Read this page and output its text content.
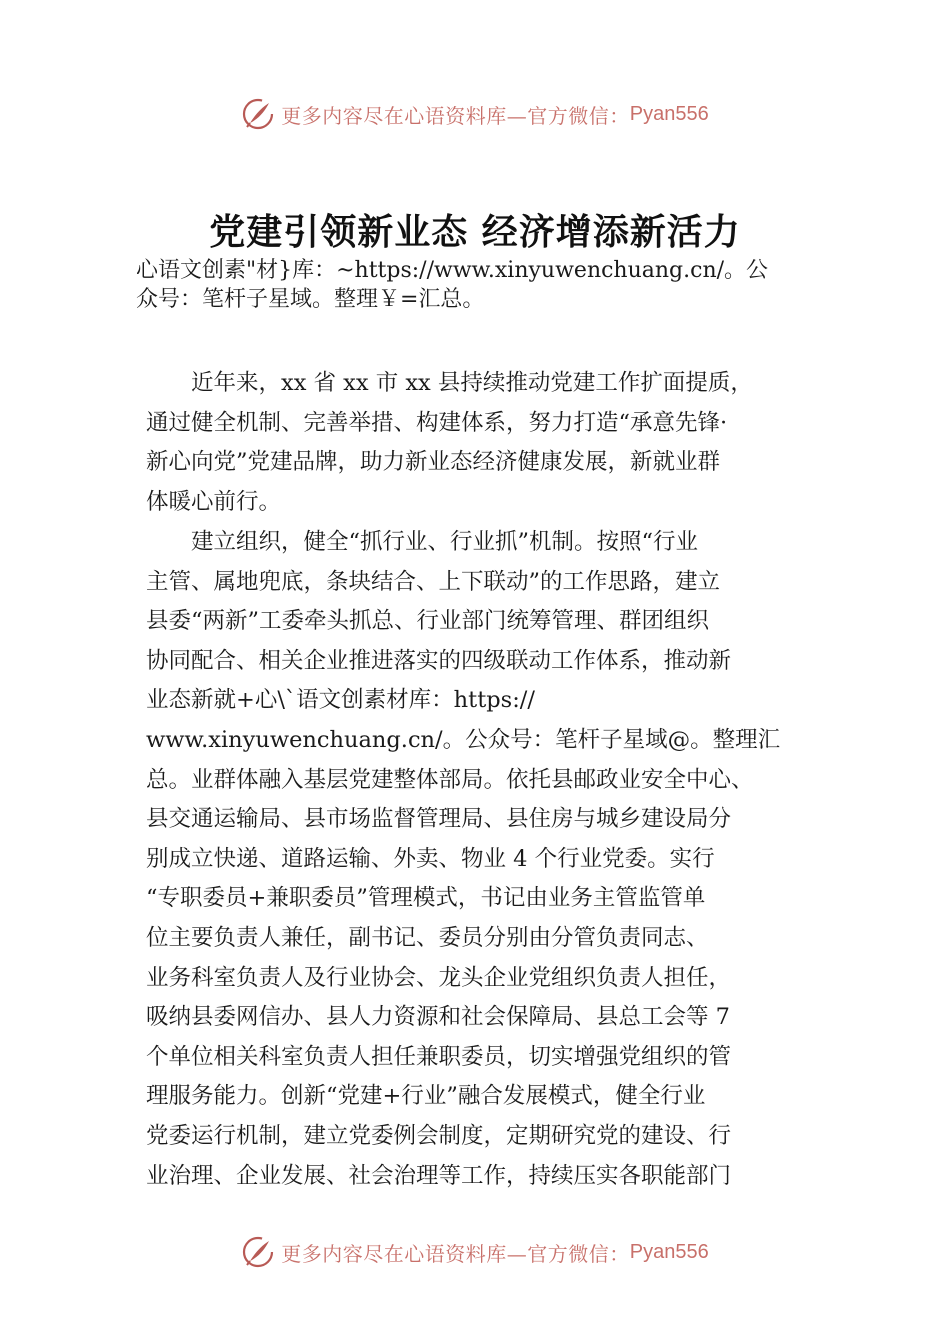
更多内容尽在心语资料库—官方微信： Pyan556
党建引领新业态 经济增添新活力
心语文创素"材}库：~https://www.xinyuwenchuang.cn/。公
众号：笔杆子星域。整理￥=汇总。
　　近年来，xx 省 xx 市 xx 县持续推动党建工作扩面提质，
通过健全机制、完善举措、构建体系，努力打造“承意先锋·
新心向党”党建品牌，助力新业态经济健康发展，新就业群
体暖心前行。
　　建立组织，健全“抓行业、行业抓”机制。按照“行业
主管、属地兜底，条块结合、上下联动”的工作思路，建立
县委“两新”工委牵头抓总、行业部门统筹管理、群团组织
协同配合、相关企业推进落实的四级联动工作体系，推动新
业态新就+心\`语文创素材库：https://
www.xinyuwenchuang.cn/。公众号：笔杆子星域@。整理汇
总。业群体融入基层党建整体部局。依托县邮政业安全中心、
县交通运输局、县市场监督管理局、县住房与城乡建设局分
别成立快递、道路运输、外卖、物业 4 个行业党委。实行
“专职委员+兼职委员”管理模式，书记由业务主管监管单
位主要负责人兼任，副书记、委员分别由分管负责同志、
业务科室负责人及行业协会、龙头企业党组织负责人担任，
吸纳县委网信办、县人力资源和社会保障局、县总工会等 7
个单位相关科室负责人担任兼职委员，切实增强党组织的管
理服务能力。创新“党建+行业”融合发展模式，健全行业
党委运行机制，建立党委例会制度，定期研究党的建设、行
业治理、企业发展、社会治理等工作，持续压实各职能部门
更多内容尽在心语资料库—官方微信： Pyan556
